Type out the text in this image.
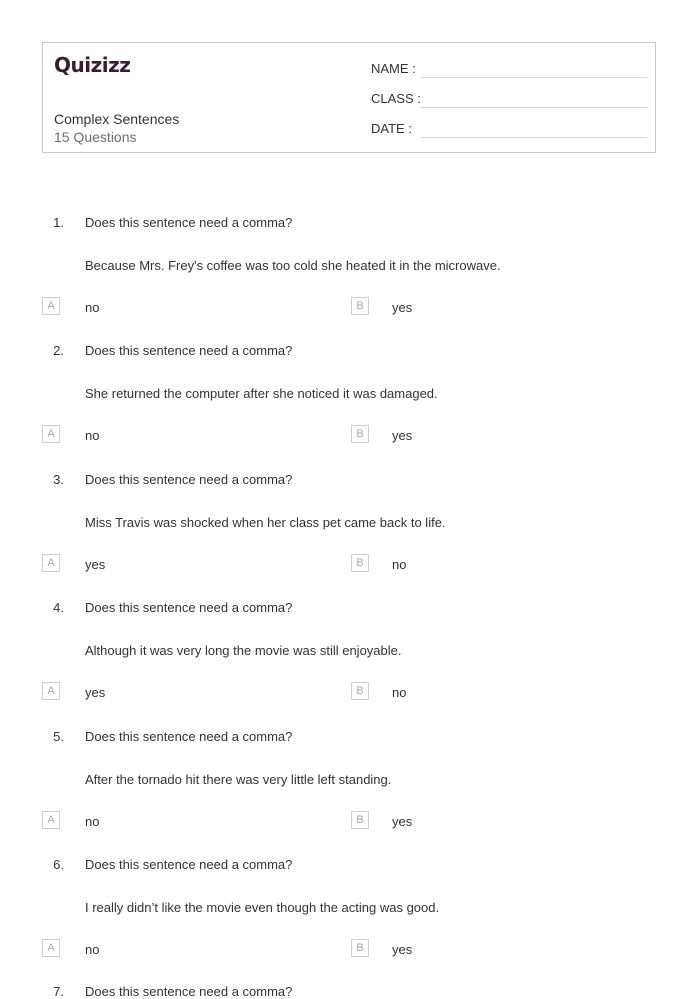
Quizizz
Complex Sentences
15 Questions
NAME :
CLASS :
DATE :
1. Does this sentence need a comma?
Because Mrs. Frey's coffee was too cold she heated it in the microwave.
A	no	B	yes
2. Does this sentence need a comma?
She returned the computer after she noticed it was damaged.
A	no	B	yes
3. Does this sentence need a comma?
Miss Travis was shocked when her class pet came back to life.
A	yes	B	no
4. Does this sentence need a comma?
Although it was very long the movie was still enjoyable.
A	yes	B	no
5. Does this sentence need a comma?
After the tornado hit there was very little left standing.
A	no	B	yes
6. Does this sentence need a comma?
I really didn’t like the movie even though the acting was good.
A	no	B	yes
7. Does this sentence need a comma?
